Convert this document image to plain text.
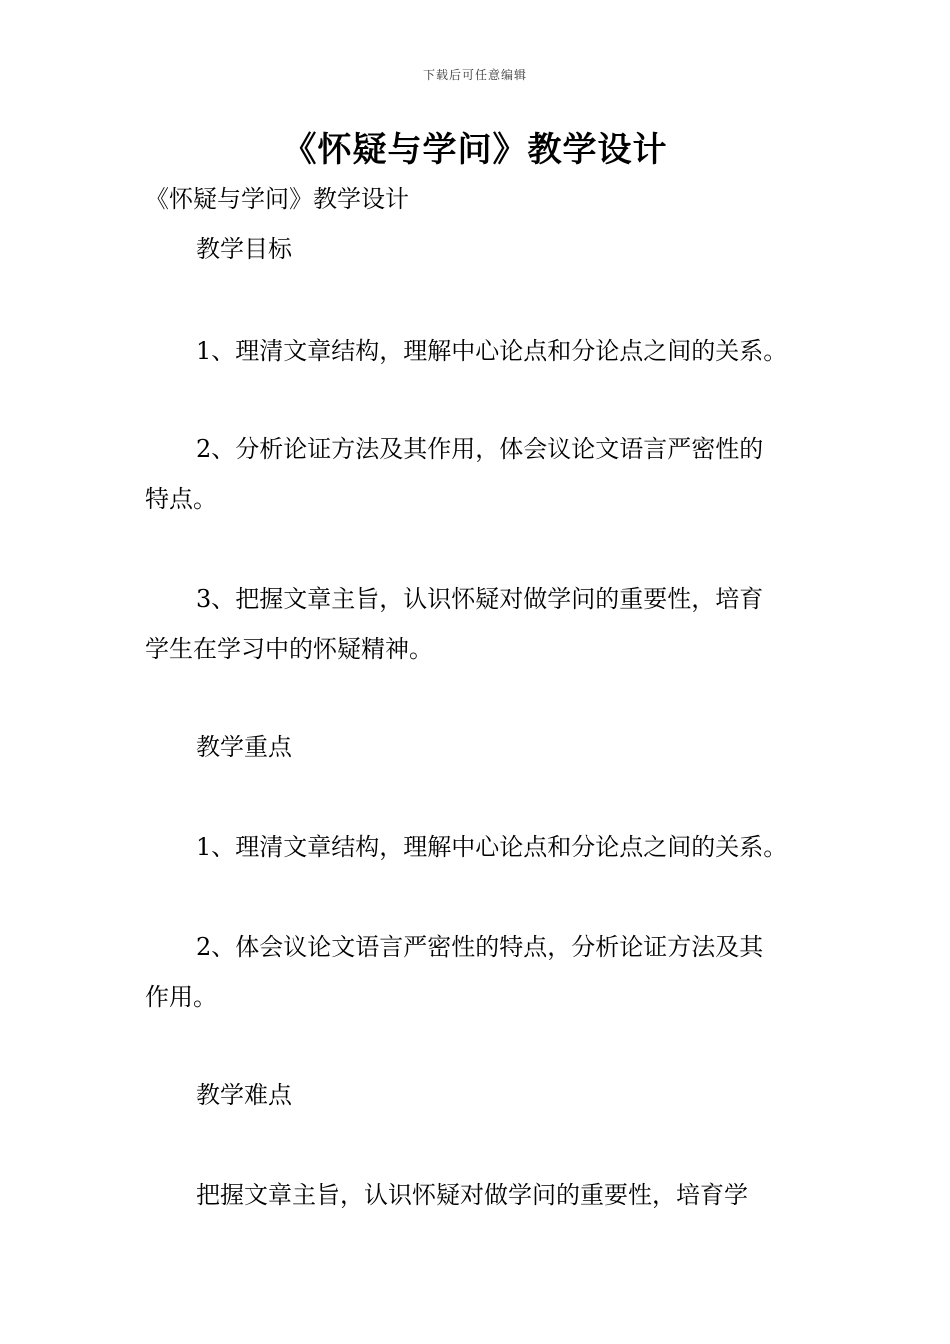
下载后可任意编辑
《怀疑与学问》教学设计
《怀疑与学问》教学设计
教学目标
1、理清文章结构，理解中心论点和分论点之间的关系。
2、分析论证方法及其作用，体会议论文语言严密性的
特点。
3、把握文章主旨，认识怀疑对做学问的重要性，培育
学生在学习中的怀疑精神。
教学重点
1、理清文章结构，理解中心论点和分论点之间的关系。
2、体会议论文语言严密性的特点，分析论证方法及其
作用。
教学难点
把握文章主旨，认识怀疑对做学问的重要性，培育学
